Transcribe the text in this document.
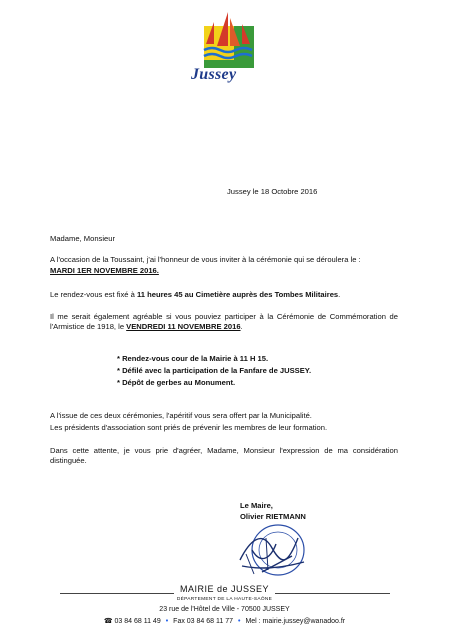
Jussey
Jussey le 18 Octobre 2016
Madame, Monsieur
A l'occasion de la Toussaint, j'ai l'honneur de vous inviter à la cérémonie qui se déroulera le :
MARDI 1ER NOVEMBRE 2016.
Le rendez-vous est fixé à 11 heures 45 au Cimetière auprès des Tombes Militaires.
Il me serait également agréable si vous pouviez participer à la Cérémonie de Commémoration de l'Armistice de 1918, le VENDREDI 11 NOVEMBRE 2016.
* Rendez-vous cour de la Mairie à 11 H 15.
* Défilé avec la participation de la Fanfare de JUSSEY.
* Dépôt de gerbes au Monument.
A l'issue de ces deux cérémonies, l'apéritif vous sera offert par la Municipalité.
Les présidents d'association sont priés de prévenir les membres de leur formation.
Dans cette attente, je vous prie d'agréer, Madame, Monsieur l'expression de ma considération distinguée.
Le Maire,
Olivier RIETMANN
MAIRIE de JUSSEY
DÉPARTEMENT DE LA HAUTE-SAÔNE
23 rue de l'Hôtel de Ville - 70500 JUSSEY
☎ 03 84 68 11 49 • Fax 03 84 68 11 77 • Mel : mairie.jussey@wanadoo.fr
